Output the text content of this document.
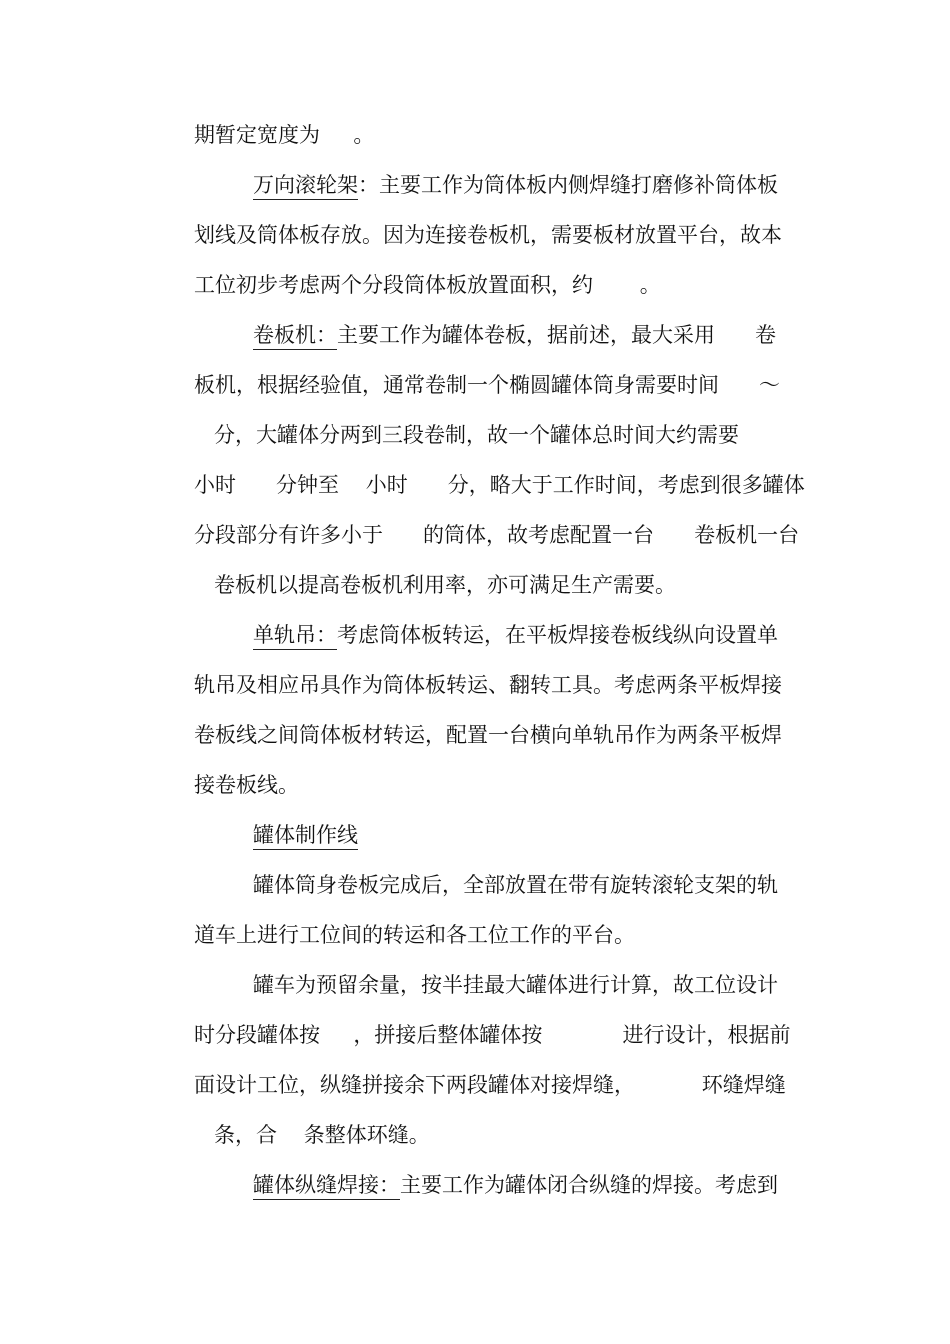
期暂定宽度为     。
万向滚轮架：主要工作为筒体板内侧焊缝打磨修补筒体板
划线及筒体板存放。因为连接卷板机，需要板材放置平台，故本
工位初步考虑两个分段筒体板放置面积，约       。
卷板机：主要工作为罐体卷板，据前述，最大采用      卷
板机，根据经验值，通常卷制一个椭圆罐体筒身需要时间      ～
分，大罐体分两到三段卷制，故一个罐体总时间大约需要
小时      分钟至    小时      分，略大于工作时间，考虑到很多罐体
分段部分有许多小于      的筒体，故考虑配置一台      卷板机一台
卷板机以提高卷板机利用率，亦可满足生产需要。
单轨吊：考虑筒体板转运，在平板焊接卷板线纵向设置单
轨吊及相应吊具作为筒体板转运、翻转工具。考虑两条平板焊接
卷板线之间筒体板材转运，配置一台横向单轨吊作为两条平板焊
接卷板线。
罐体制作线
罐体筒身卷板完成后，全部放置在带有旋转滚轮支架的轨
道车上进行工位间的转运和各工位工作的平台。
罐车为预留余量，按半挂最大罐体进行计算，故工位设计
时分段罐体按     ，拼接后整体罐体按            进行设计，根据前
面设计工位，纵缝拼接余下两段罐体对接焊缝，          环缝焊缝
条，合    条整体环缝。
罐体纵缝焊接：主要工作为罐体闭合纵缝的焊接。考虑到
